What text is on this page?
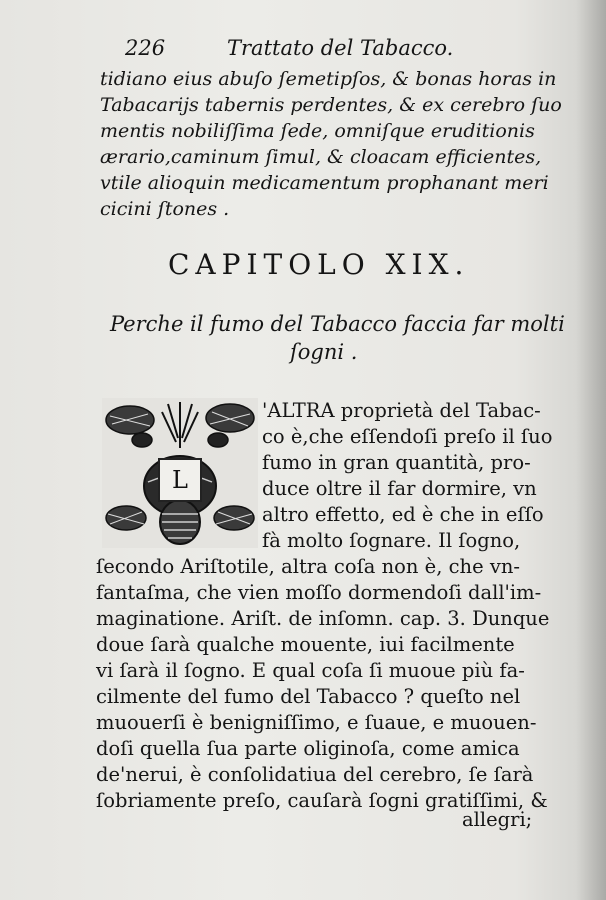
226	Trattato del Tabacco.
tidiano eius abuſo ſemetipſos, & bonas horas in
Tabacarijs tabernis perdentes, & ex cerebro ſuo
mentis nobiliſſima ſede, omniſque eruditionis
ærario,caminum ſimul, & cloacam efficientes,
vtile alioquin medicamentum prophanant meri
cicini ſtones .
CAPITOLO XIX.
Perche il fumo del Tabacco faccia far molti
ſogni .
L
'ALTRA proprietà del Tabac-
co è,che eſſendoſi preſo il ſuo
fumo in gran quantità, pro-
duce oltre il far dormire, vn
altro effetto, ed è che in eſſo
fà molto ſognare. Il ſogno,
ſecondo Ariſtotile, altra coſa non è, che vn-
fantaſma, che vien moſſo dormendoſi dall'im-
maginatione. Ariſt. de inſomn. cap. 3. Dunque
doue ſarà qualche mouente, iui facilmente
vi ſarà il ſogno. E qual coſa ſi muoue più fa-
cilmente del fumo del Tabacco ? queſto nel
muouerſi è benigniſſimo, e ſuaue, e muouen-
doſi quella ſua parte oliginoſa, come amica
de'nerui, è conſolidatiua del cerebro, ſe ſarà
ſobriamente preſo, cauſarà ſogni gratiſſimi, &
allegri;
